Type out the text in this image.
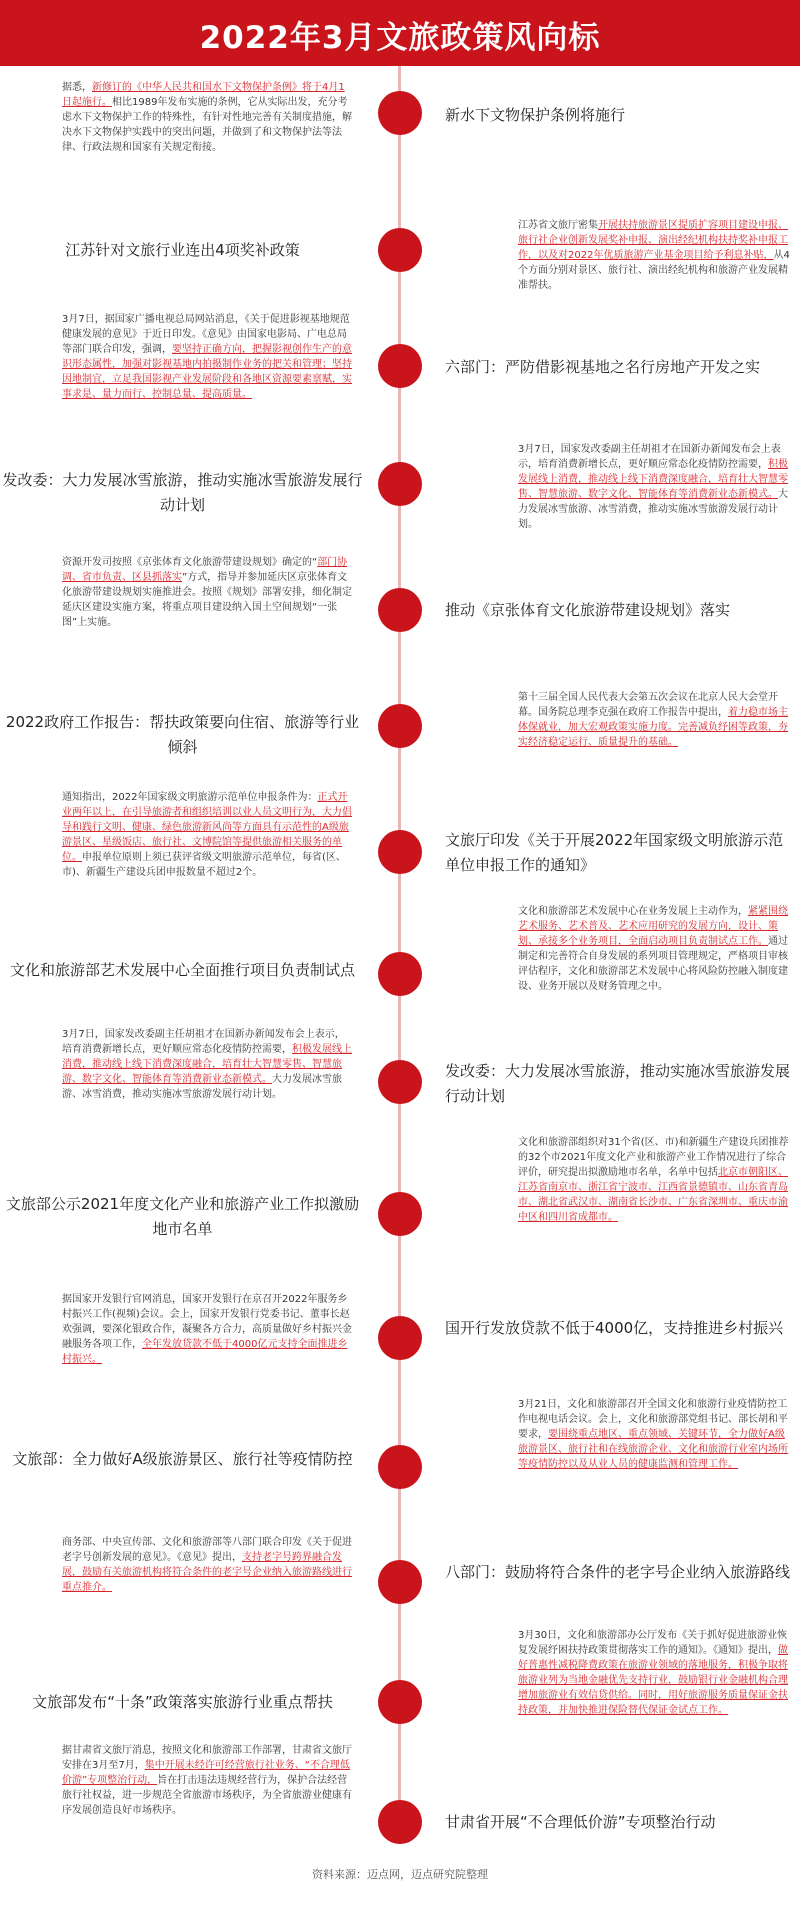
2022年3月文旅政策风向标
新水下文物保护条例将施行
据悉，新修订的《中华人民共和国水下文物保护条例》将于4月1日起施行。相比1989年发布实施的条例，它从实际出发，充分考虑水下文物保护工作的特殊性，有针对性地完善有关制度措施，解决水下文物保护实践中的突出问题，并做到了和文物保护法等法律、行政法规和国家有关规定衔接。
江苏针对文旅行业连出4项奖补政策
江苏省文旅厅密集开展扶持旅游景区提质扩容项目建设申报、旅行社企业创新发展奖补申报、演出经纪机构扶持奖补申报工作，以及对2022年优质旅游产业基金项目给予利息补贴，从4个方面分别对景区、旅行社、演出经纪机构和旅游产业发展精准帮扶。
六部门：严防借影视基地之名行房地产开发之实
3月7日，据国家广播电视总局网站消息，《关于促进影视基地规范健康发展的意见》于近日印发。《意见》由国家电影局、广电总局等部门联合印发，强调，要坚持正确方向，把握影视创作生产的意识形态属性，加强对影视基地内拍摄制作业务的把关和管理；坚持因地制宜，立足我国影视产业发展阶段和各地区资源要素禀赋，实事求是、量力而行、控制总量、提高质量。
发改委：大力发展冰雪旅游，推动实施冰雪旅游发展行动计划
3月7日，国家发改委副主任胡祖才在国新办新闻发布会上表示，培育消费新增长点，更好顺应常态化疫情防控需要，积极发展线上消费，推动线上线下消费深度融合，培育壮大智慧零售、智慧旅游、数字文化、智能体育等消费新业态新模式。大力发展冰雪旅游、冰雪消费，推动实施冰雪旅游发展行动计划。
推动《京张体育文化旅游带建设规划》落实
资源开发司按照《京张体育文化旅游带建设规划》确定的“部门协调、省市负责、区县抓落实”方式，指导并参加延庆区京张体育文化旅游带建设规划实施推进会。按照《规划》部署安排，细化制定延庆区建设实施方案，将重点项目建设纳入国土空间规划“一张图”上实施。
2022政府工作报告：帮扶政策要向住宿、旅游等行业倾斜
第十三届全国人民代表大会第五次会议在北京人民大会堂开幕。国务院总理李克强在政府工作报告中提出，着力稳市场主体保就业，加大宏观政策实施力度。完善减负纾困等政策，夯实经济稳定运行、质量提升的基础。
文旅厅印发《关于开展2022年国家级文明旅游示范单位申报工作的通知》
通知指出，2022年国家级文明旅游示范单位申报条件为：正式开业两年以上，在引导旅游者和组织培训以业人员文明行为，大力倡导和践行文明、健康、绿色旅游新风尚等方面具有示范性的A级旅游景区、星级饭店、旅行社、文博院馆等提供旅游相关服务的单位。申报单位原则上须已获评省级文明旅游示范单位，每省(区、市)、新疆生产建设兵团申报数量不超过2个。
文化和旅游部艺术发展中心全面推行项目负责制试点
文化和旅游部艺术发展中心在业务发展上主动作为，紧紧围绕艺术服务、艺术普及、艺术应用研究的发展方向，设计、策划、承接多个业务项目，全面启动项目负责制试点工作。通过制定和完善符合自身发展的系列项目管理规定，严格项目审核评估程序，文化和旅游部艺术发展中心将风险防控融入制度建设、业务开展以及财务管理之中。
发改委：大力发展冰雪旅游，推动实施冰雪旅游发展行动计划
3月7日，国家发改委副主任胡祖才在国新办新闻发布会上表示，培育消费新增长点，更好顺应常态化疫情防控需要，积极发展线上消费，推动线上线下消费深度融合，培育壮大智慧零售、智慧旅游、数字文化、智能体育等消费新业态新模式。大力发展冰雪旅游、冰雪消费，推动实施冰雪旅游发展行动计划。
文旅部公示2021年度文化产业和旅游产业工作拟激励地市名单
文化和旅游部组织对31个省(区、市)和新疆生产建设兵团推荐的32个市2021年度文化产业和旅游产业工作情况进行了综合评价，研究提出拟激励地市名单，名单中包括北京市朝阳区、江苏省南京市、浙江省宁波市、江西省景德镇市、山东省青岛市、湖北省武汉市、湖南省长沙市、广东省深圳市、重庆市渝中区和四川省成都市。
国开行发放贷款不低于4000亿，支持推进乡村振兴
据国家开发银行官网消息，国家开发银行在京召开2022年服务乡村振兴工作(视频)会议。会上，国家开发银行党委书记、董事长赵欢强调，要深化银政合作，凝聚各方合力，高质量做好乡村振兴金融服务各项工作，全年发放贷款不低于4000亿元支持全面推进乡村振兴。
文旅部：全力做好A级旅游景区、旅行社等疫情防控
3月21日，文化和旅游部召开全国文化和旅游行业疫情防控工作电视电话会议。会上，文化和旅游部党组书记、部长胡和平要求，要围绕重点地区、重点领域、关键环节，全力做好A级旅游景区、旅行社和在线旅游企业、文化和旅游行业室内场所等疫情防控以及从业人员的健康监测和管理工作。
八部门：鼓励将符合条件的老字号企业纳入旅游路线
商务部、中央宣传部、文化和旅游部等八部门联合印发《关于促进老字号创新发展的意见》。《意见》提出，支持老字号跨界融合发展，鼓励有关旅游机构将符合条件的老字号企业纳入旅游路线进行重点推介。
文旅部发布“十条”政策落实旅游行业重点帮扶
3月30日，文化和旅游部办公厅发布《关于抓好促进旅游业恢复发展纾困扶持政策贯彻落实工作的通知》。《通知》提出，做好普惠性减税降费政策在旅游业领域的落地服务，积极争取将旅游业列为当地金融优先支持行业，鼓励银行业金融机构合理增加旅游业有效信贷供给。同时，用好旅游服务质量保证金扶持政策，并加快推进保险替代保证金试点工作。
甘肃省开展“不合理低价游”专项整治行动
据甘肃省文旅厅消息，按照文化和旅游部工作部署，甘肃省文旅厅安排在3月至7月，集中开展未经许可经营旅行社业务、“不合理低价游”专项整治行动，旨在打击违法违规经营行为，保护合法经营旅行社权益，进一步规范全省旅游市场秩序，为全省旅游业健康有序发展创造良好市场秩序。
资料来源：迈点网，迈点研究院整理
